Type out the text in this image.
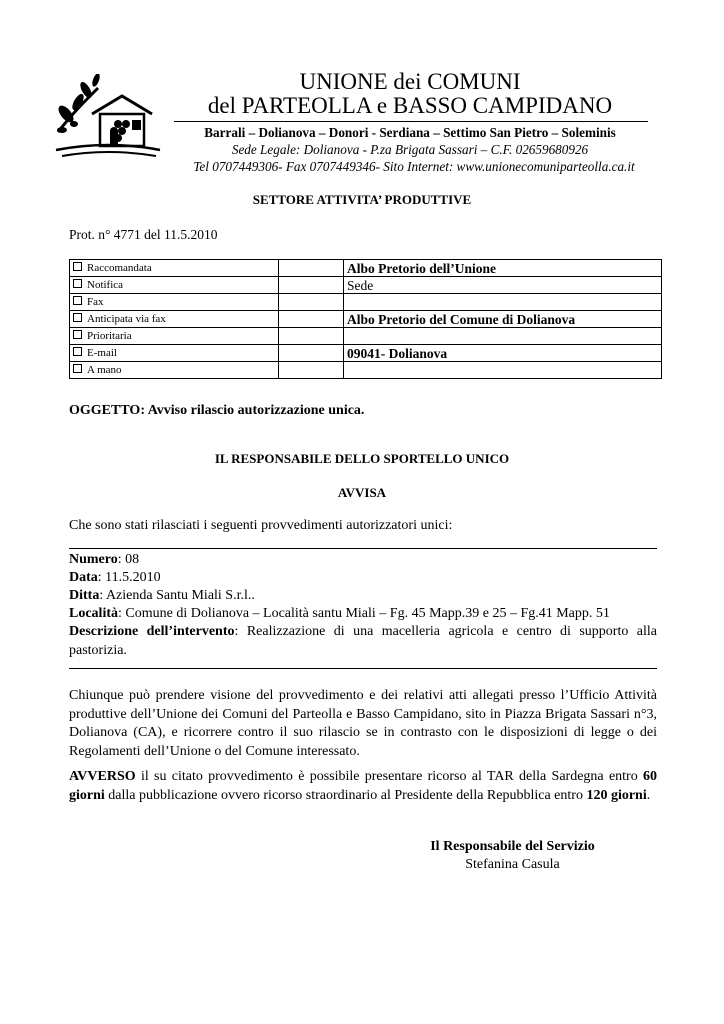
UNIONE dei COMUNI
del PARTEOLLA e BASSO CAMPIDANO
Barrali – Dolianova – Donori - Serdiana – Settimo San Pietro – Soleminis
Sede Legale: Dolianova - P.za Brigata Sassari – C.F. 02659680926
Tel 0707449306- Fax 0707449346- Sito Internet: www.unionecomuniparteolla.ca.it
SETTORE ATTIVITA’ PRODUTTIVE
Prot. n° 4771 del 11.5.2010
Raccomandata		Albo Pretorio dell’Unione
Notifica		Sede
Fax		
Anticipata via fax		Albo Pretorio del Comune di Dolianova
Prioritaria		
E-mail		09041- Dolianova
A mano		
OGGETTO: Avviso rilascio autorizzazione unica.
IL RESPONSABILE DELLO SPORTELLO UNICO
AVVISA
Che sono stati rilasciati i seguenti provvedimenti autorizzatori unici:
Numero: 08
Data: 11.5.2010
Ditta: Azienda Santu Miali S.r.l..
Località: Comune di Dolianova – Località santu Miali – Fg. 45 Mapp.39 e 25 – Fg.41 Mapp. 51
Descrizione dell’intervento: Realizzazione di una macelleria agricola e centro di supporto alla pastorizia.
Chiunque può prendere visione del provvedimento e dei relativi atti allegati presso l’Ufficio Attività produttive dell’Unione dei Comuni del Parteolla e Basso Campidano, sito in Piazza Brigata Sassari n°3, Dolianova (CA), e ricorrere contro il suo rilascio se in contrasto con le disposizioni di legge o dei Regolamenti dell’Unione o del Comune interessato.
AVVERSO il su citato provvedimento è possibile presentare ricorso al TAR della Sardegna entro 60 giorni dalla pubblicazione ovvero ricorso straordinario al Presidente della Repubblica entro 120 giorni.
Il Responsabile del Servizio
Stefanina Casula
